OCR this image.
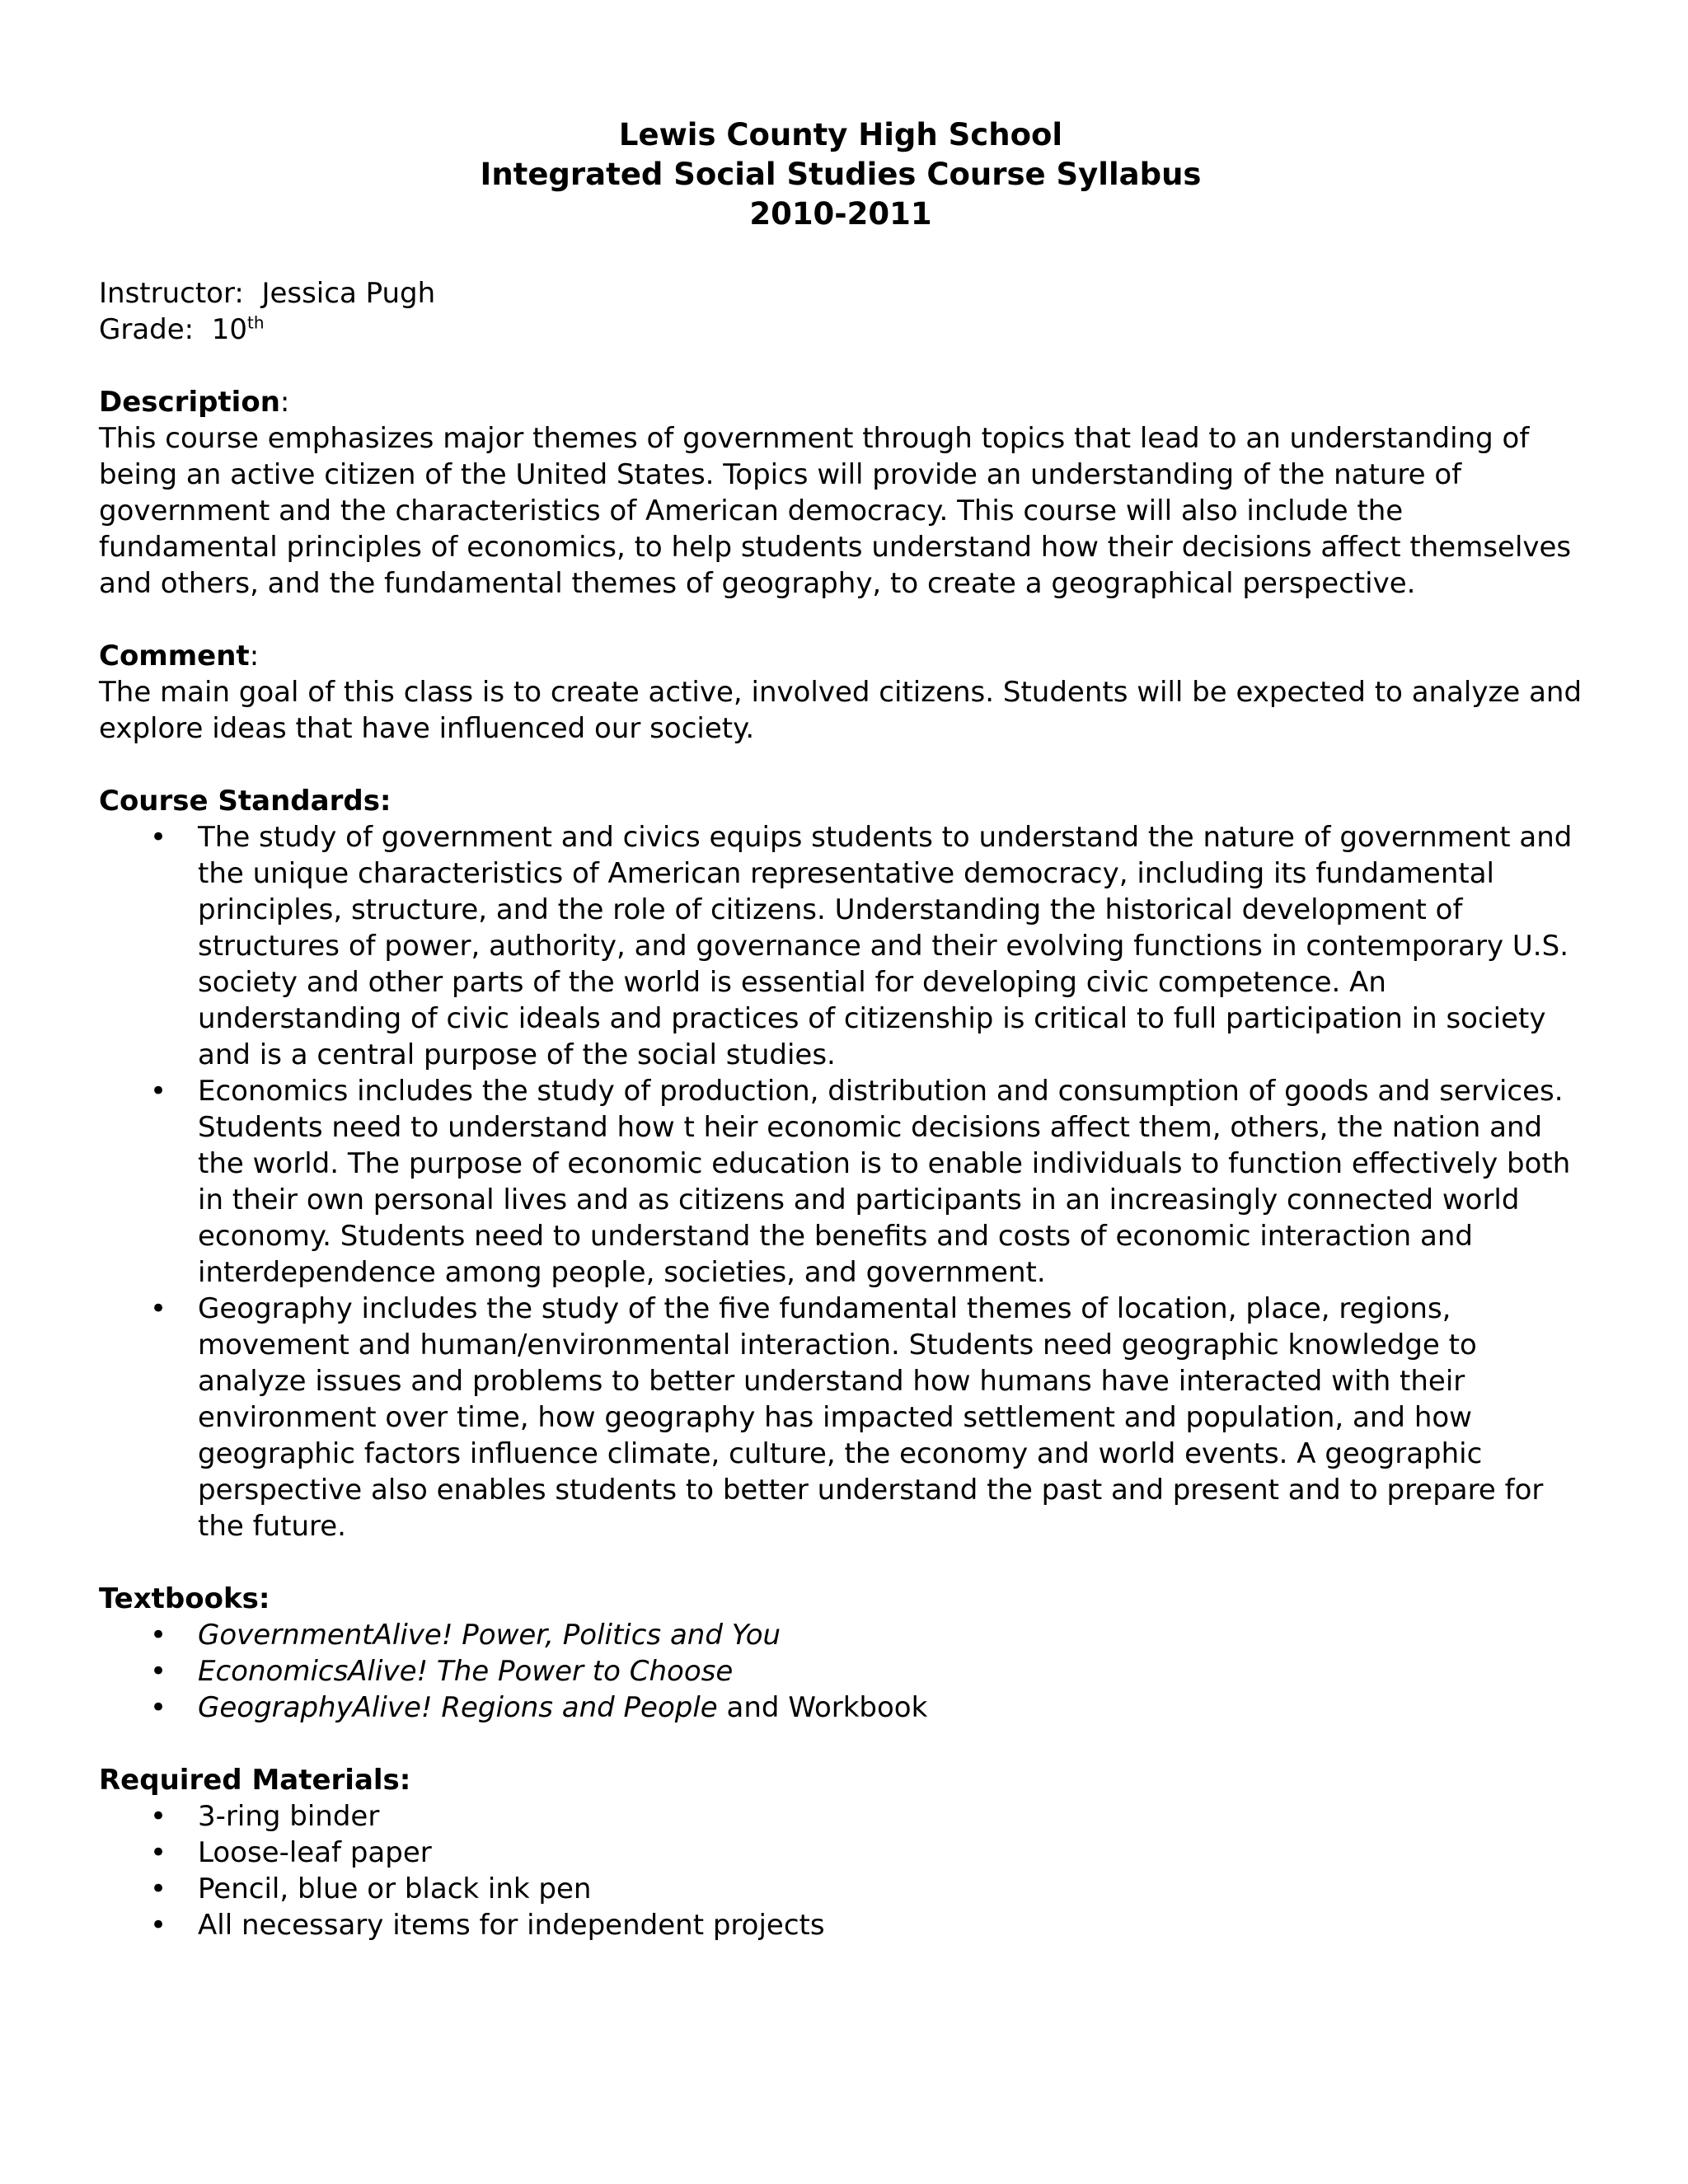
Lewis County High School
Integrated Social Studies Course Syllabus
2010-2011
Instructor: Jessica Pugh
Grade: 10th
Description:

This course emphasizes major themes of government through topics that lead to an understanding of being an active citizen of the United States. Topics will provide an understanding of the nature of government and the characteristics of American democracy. This course will also include the fundamental principles of economics, to help students understand how their decisions affect themselves and others, and the fundamental themes of geography, to create a geographical perspective.

Comment:

The main goal of this class is to create active, involved citizens. Students will be expected to analyze and explore ideas that have influenced our society.

Course Standards:
• The study of government and civics equips students to understand the nature of government and the unique characteristics of American representative democracy, including its fundamental principles, structure, and the role of citizens. Understanding the historical development of structures of power, authority, and governance and their evolving functions in contemporary U.S. society and other parts of the world is essential for developing civic competence. An understanding of civic ideals and practices of citizenship is critical to full participation in society and is a central purpose of the social studies.
• Economics includes the study of production, distribution and consumption of goods and services. Students need to understand how t heir economic decisions affect them, others, the nation and the world. The purpose of economic education is to enable individuals to function effectively both in their own personal lives and as citizens and participants in an increasingly connected world economy. Students need to understand the benefits and costs of economic interaction and interdependence among people, societies, and government.
• Geography includes the study of the five fundamental themes of location, place, regions, movement and human/environmental interaction. Students need geographic knowledge to analyze issues and problems to better understand how humans have interacted with their environment over time, how geography has impacted settlement and population, and how geographic factors influence climate, culture, the economy and world events. A geographic perspective also enables students to better understand the past and present and to prepare for the future.
Textbooks:
• GovernmentAlive! Power, Politics and You
• EconomicsAlive! The Power to Choose
• GeographyAlive! Regions and People and Workbook
Required Materials:
• 3-ring binder
• Loose-leaf paper
• Pencil, blue or black ink pen
• All necessary items for independent projects
